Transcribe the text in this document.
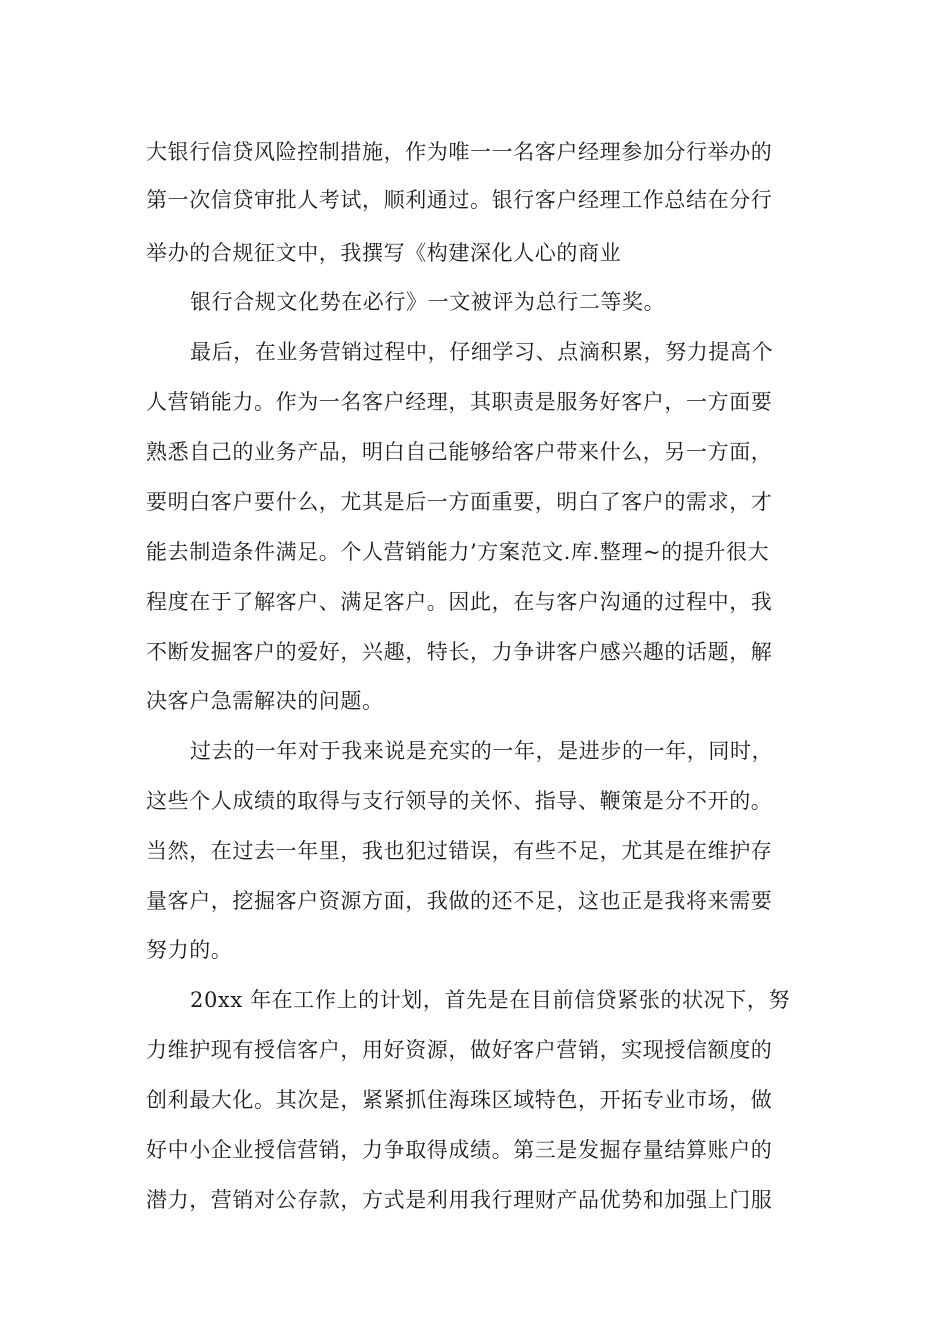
大银行信贷风险控制措施，作为唯一一名客户经理参加分行举办的
第一次信贷审批人考试，顺利通过。银行客户经理工作总结在分行
举办的合规征文中，我撰写《构建深化人心的商业
银行合规文化势在必行》一文被评为总行二等奖。
最后，在业务营销过程中，仔细学习、点滴积累，努力提高个
人营销能力。作为一名客户经理，其职责是服务好客户，一方面要
熟悉自己的业务产品，明白自己能够给客户带来什么，另一方面，
要明白客户要什么，尤其是后一方面重要，明白了客户的需求，才
能去制造条件满足。个人营销能力’方案范文.库.整理~的提升很大
程度在于了解客户、满足客户。因此，在与客户沟通的过程中，我
不断发掘客户的爱好，兴趣，特长，力争讲客户感兴趣的话题，解
决客户急需解决的问题。
过去的一年对于我来说是充实的一年，是进步的一年，同时，
这些个人成绩的取得与支行领导的关怀、指导、鞭策是分不开的。
当然，在过去一年里，我也犯过错误，有些不足，尤其是在维护存
量客户，挖掘客户资源方面，我做的还不足，这也正是我将来需要
努力的。
20xx 年在工作上的计划，首先是在目前信贷紧张的状况下，努
力维护现有授信客户，用好资源，做好客户营销，实现授信额度的
创利最大化。其次是，紧紧抓住海珠区域特色，开拓专业市场，做
好中小企业授信营销，力争取得成绩。第三是发掘存量结算账户的
潜力，营销对公存款，方式是利用我行理财产品优势和加强上门服
